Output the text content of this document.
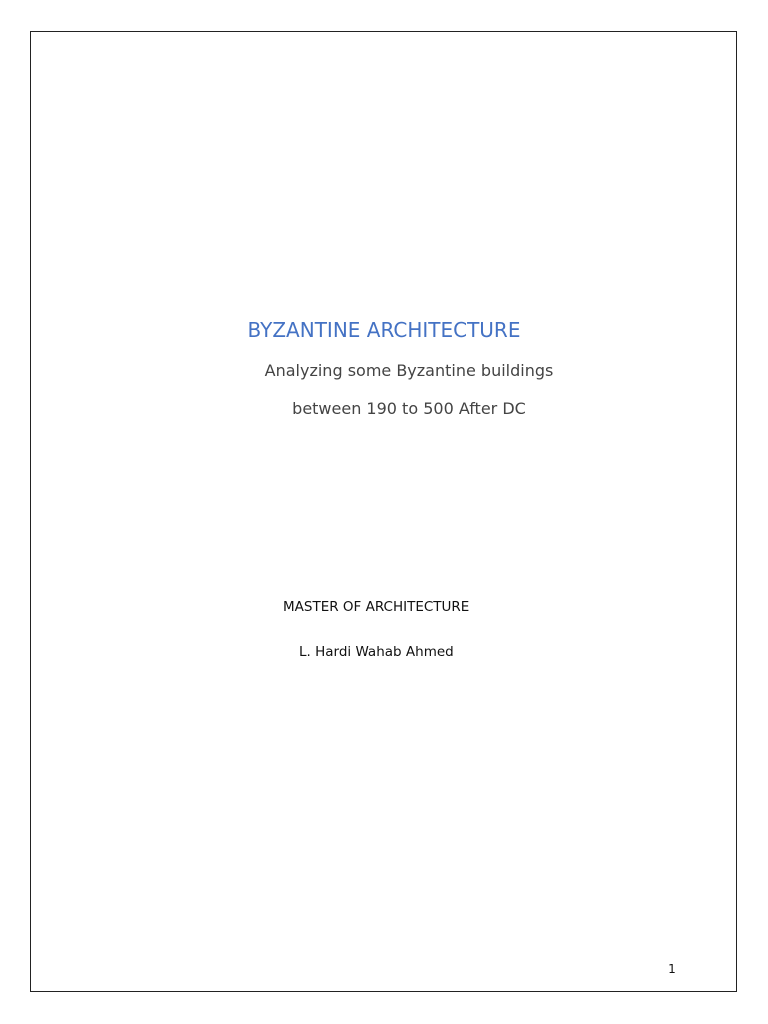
BYZANTINE ARCHITECTURE
Analyzing some Byzantine buildings
between 190 to 500 After DC
MASTER OF ARCHITECTURE
L. Hardi Wahab Ahmed
1
